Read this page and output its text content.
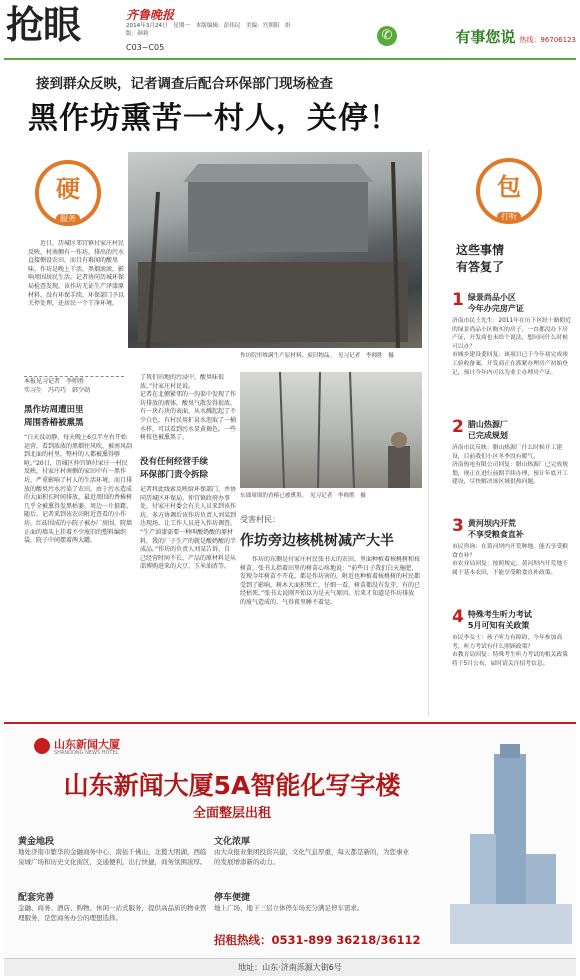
抢眼	齐鲁晚报
2014年3月24日　星期一　本版编辑：彭伟民　美编：宫照阳　组版：颜莉
C03~C05
✆	有事您说 热线：96706123
接到群众反映，记者调查后配合环保部门现场检查
黑作坊熏苦一村人，关停！
硬
服务
近日，历城区邻宫镇付家庄村民反映，村南侧有一作坊，排出的污水直接侧设农田，而且有难闻的酸臭味。作坊是晚上干活，黑烟滚滚，影响周围居民生活。记者协同历城环保局检查发现，该作坊无证生产泽漆原材料，没有环保手续，环保部门予以关停处理，还居民一个干净环境。
本报见习记者　李师胜
实习生　冯巧巧　韩少勋
黑作坊周遭田里
周围香椿被熏黑
“白天没动静，每天晚上6点半左右开始运营，看到浓浓的黑烟往风吹，被南风刮到北面的村里，整村的人都被熏得够呛。”20日，历城区仲宫镇付家庄一村民反映，付家庄村南侧的家田中有一黑作坊，严重影响了村人的生活环境，而且排放的酸臭污水污染了农田，由于污水造成的大面积长时间排放，最近周围的香椿树几乎全被熏得发黑枯萎，周边一片狼藉。
随后，记者来到该农田附近查看的小作坊，红砖围成的小院子被办厂房围，院墙正面的墙头上挂着不少废旧的塑料编织袋，院子中间摆着两大罐。
作坊院里堆满生产原材料、废旧物品。　见习记者　李师胜　摄
了我们田地的污浸中，酸臭味很浓。”付家庄村民说。
记者在北侧紧邻的一沟渠中发现了作坊排放的液体，酸臭气散发得很浓，有一块石块的表面，从水溅起起了不少白色，有村民用扩泉水泡取了一桶水样，可以看到污水显黄褐色，一些树枝也被熏黑了。
没有任何经营手续
环保部门责令拆除
记者将此线索反映给环保部门，并协同历城区环保局、仲宫镇政府办事处，付家庄村委会有关人员来到该作坊，多方协调后该作坊负责人刘某到达现场，让工作人员进入作坊调查。
“生产油漆需要一种叫酸奶酸的原材料，我的厂子生产的就是酸奶酸的半成品。”作坊的负责人刘某告诉，自己经营时间不长，产品的原材料是从淄博购进来的大豆、玉米油渣等。
东墙周围的香椿已被熏黑。　见习记者　李师胜　摄
受害村民：
作坊旁边核桃树减产大半
作坊的东侧是付家庄村民张书太的农田，里面种植着核桃树和枝树苗，张书太指着田里的树苗心疼地说：“前些日子我们白天施肥，发现今年树苗不开花，都是作坊害的，附近也种植着核桃树的村民都受到了影响，树木大面积死亡，仔细一看，树苗都没有发芽，有的已经枯死。”张书太说刚开始以为是天气原因，后来才知道是作坊排放的废气造成的，气得夜里睡不着觉。
包
打听
这些事情
有答复了
1 绿景尚品小区
今年办完房产证
济南市民王先生：2011年在历下区经十路附近的绿景尚品小区购买的房子，一直都没办下房产证，开发商也未给个说法，想问问什么时候可以办？
市城乡建设委回复：该项目已于今年初完成竣工验收备案，开发商正在抓紧办理房产初始登记，预计今年内可以为业主办理房产证。
2 腊山热源厂
已完成规划
济南市民反映：腊山热源厂什么时候开工建设，目前我们小区冬季没有暖气。
济南热电有限公司回复：腊山热源厂已完成规划，现正在进行前期手续办理，预计年底开工建设，尽快解决该区域供热问题。
3 黄河坝内开荒
不享受粮食直补
市民咨询：在黄河坝内开荒种地，能否享受粮食直补？
市农业局回复：按照规定，黄河坝内开荒地不属于基本农田，不能享受粮食直补政策。
4 特殊考生听力考试
5月可知有关政策
市民李女士：孩子听力有障碍，今年参加高考，听力考试有什么照顾政策？
市教育局回复：特殊考生听力考试的相关政策将于5月公布，届时请关注招考信息。
山东新闻大厦
SHANDONG NEWS HOTEL
山东新闻大厦5A智能化写字楼
全面整层出租
黄金地段
地处济南市繁华的金融商务中心、南依千佛山，北揽大明湖，西临泉城广场和历史文化街区，交通便利，出行快捷，商务氛围浓厚。
文化浓厚
由大众报业集团投资兴建，文化气息厚重，每天都是新的，为您事业的发展增添新的动力。
配套完善
金融、商务、酒店、购物、休闲一站式服务，提供高品质的物业管理服务，是您商务办公的理想选择。
停车便捷
地上广场、地下三层立体停车场充分满足停车需求。
招租热线：0531-899 36218/36112
地址：山东·济南泺源大街6号
